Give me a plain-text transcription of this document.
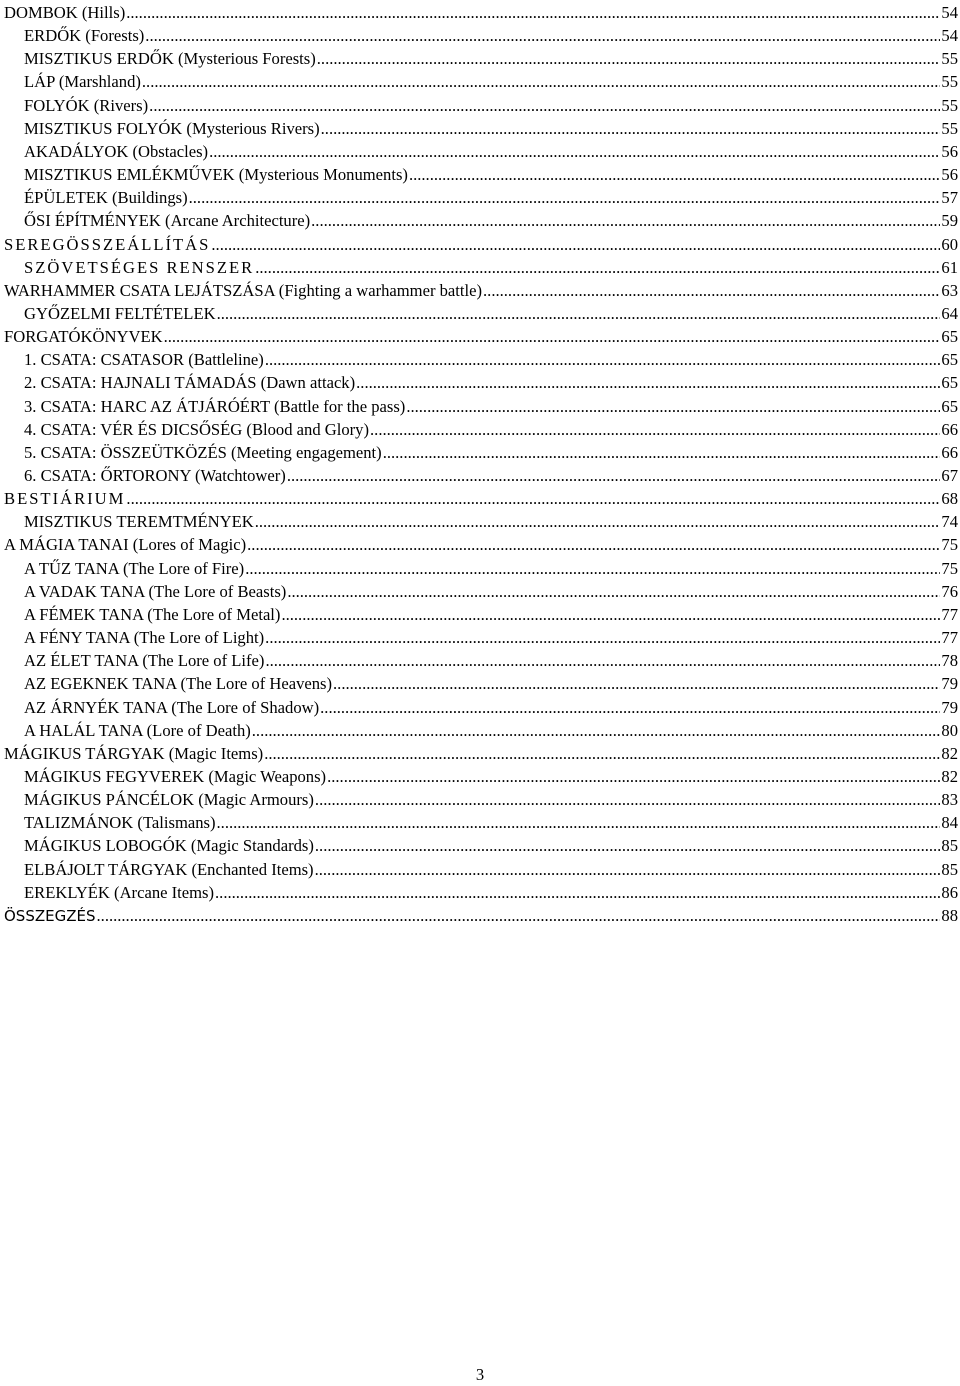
DOMBOK (Hills) .....	54
ERDŐK (Forests) .....	54
MISZTIKUS ERDŐK (Mysterious Forests) .....	55
LÁP (Marshland) .....	55
FOLYÓK (Rivers) .....	55
MISZTIKUS FOLYÓK (Mysterious Rivers) .....	55
AKADÁLYOK (Obstacles) .....	56
MISZTIKUS EMLÉKMŰVEK (Mysterious Monuments) .....	56
ÉPÜLETEK (Buildings) .....	57
ŐSI ÉPÍTMÉNYEK (Arcane Architecture) .....	59
SEREGÖSSZEÁLLÍTÁS .....	60
SZÖVETSÉGES RENSZER .....	61
WARHAMMER CSATA LEJÁTSZÁSA (Fighting a warhammer battle) .....	63
GYŐZELMI FELTÉTELEK .....	64
FORGATÓKÖNYVEK .....	65
1. CSATA: CSATASOR (Battleline) .....	65
2. CSATA: HAJNALI TÁMADÁS (Dawn attack) .....	65
3. CSATA: HARC AZ ÁTJÁRÓÉRT (Battle for the pass) .....	65
4. CSATA: VÉR ÉS DICSŐSÉG (Blood and Glory) .....	66
5. CSATA: ÖSSZEÜTKÖZÉS (Meeting engagement) .....	66
6. CSATA: ŐRTORONY (Watchtower) .....	67
BESTIÁRIUM .....	68
MISZTIKUS TEREMTMÉNYEK .....	74
A MÁGIA TANAI (Lores of Magic) .....	75
A TŰZ TANA (The Lore of Fire) .....	75
A VADAK TANA (The Lore of Beasts) .....	76
A FÉMEK TANA (The Lore of Metal) .....	77
A FÉNY TANA (The Lore of Light) .....	77
AZ ÉLET TANA (The Lore of Life) .....	78
AZ EGEKNEK TANA (The Lore of Heavens) .....	79
AZ ÁRNYÉK TANA (The Lore of Shadow) .....	79
A HALÁL TANA (Lore of Death) .....	80
MÁGIKUS TÁRGYAK (Magic Items) .....	82
MÁGIKUS FEGYVEREK (Magic Weapons) .....	82
MÁGIKUS PÁNCÉLOK (Magic Armours) .....	83
TALIZMÁNOK (Talismans) .....	84
MÁGIKUS LOBOGÓK (Magic Standards) .....	85
ELBÁJOLT TÁRGYAK (Enchanted Items) .....	85
EREKLYÉK (Arcane Items) .....	86
ÖSSZEGZÉS .....	88
3
